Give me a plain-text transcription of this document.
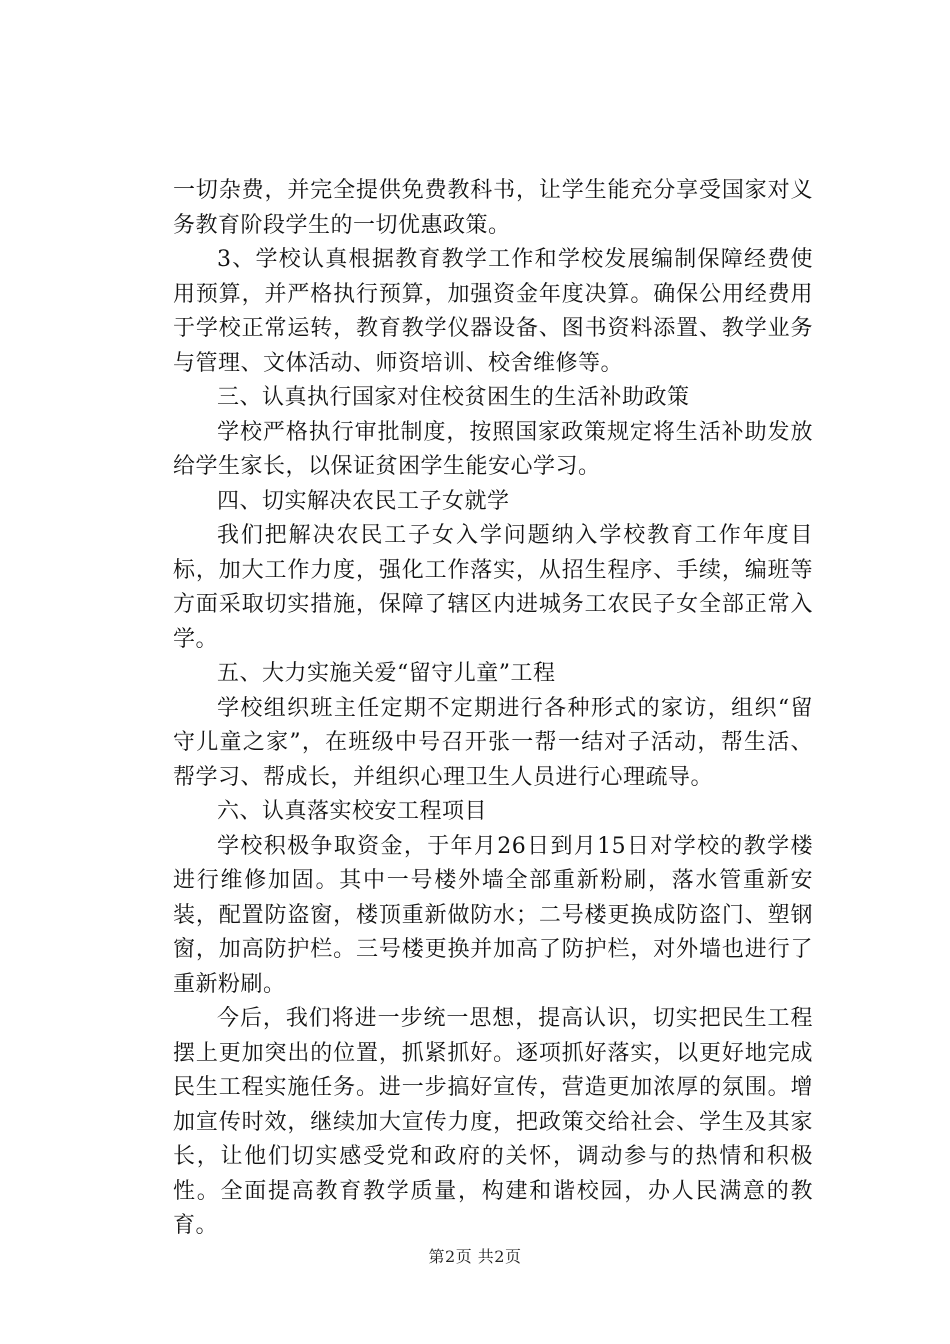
一切杂费，并完全提供免费教科书，让学生能充分享受国家对义务教育阶段学生的一切优惠政策。

3、学校认真根据教育教学工作和学校发展编制保障经费使用预算，并严格执行预算，加强资金年度决算。确保公用经费用于学校正常运转，教育教学仪器设备、图书资料添置、教学业务与管理、文体活动、师资培训、校舍维修等。

三、认真执行国家对住校贫困生的生活补助政策

学校严格执行审批制度，按照国家政策规定将生活补助发放给学生家长，以保证贫困学生能安心学习。

四、切实解决农民工子女就学

我们把解决农民工子女入学问题纳入学校教育工作年度目标，加大工作力度，强化工作落实，从招生程序、手续，编班等方面采取切实措施，保障了辖区内进城务工农民子女全部正常入学。

五、大力实施关爱“留守儿童”工程

学校组织班主任定期不定期进行各种形式的家访，组织“留守儿童之家”，在班级中号召开张一帮一结对子活动，帮生活、帮学习、帮成长，并组织心理卫生人员进行心理疏导。

六、认真落实校安工程项目

学校积极争取资金，于年月26日到月15日对学校的教学楼进行维修加固。其中一号楼外墙全部重新粉刷，落水管重新安装，配置防盗窗，楼顶重新做防水；二号楼更换成防盗门、塑钢窗，加高防护栏。三号楼更换并加高了防护栏，对外墙也进行了重新粉刷。

今后，我们将进一步统一思想，提高认识，切实把民生工程摆上更加突出的位置，抓紧抓好。逐项抓好落实，以更好地完成民生工程实施任务。进一步搞好宣传，营造更加浓厚的氛围。增加宣传时效，继续加大宣传力度，把政策交给社会、学生及其家长，让他们切实感受党和政府的关怀，调动参与的热情和积极性。全面提高教育教学质量，构建和谐校园，办人民满意的教育。

第2页 共2页
